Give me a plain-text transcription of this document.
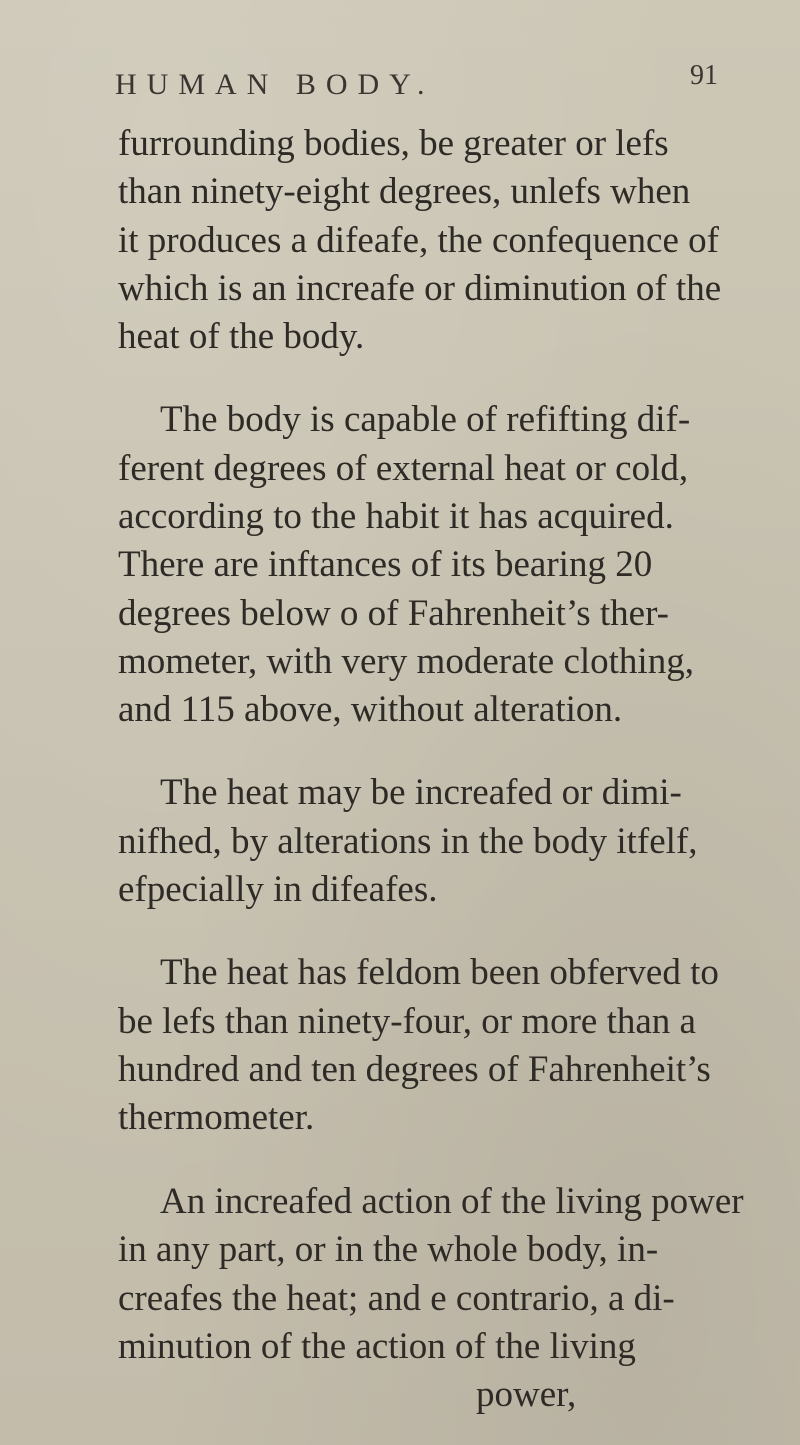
HUMAN BODY.	91
furrounding bodies, be greater or lefs
than ninety-eight degrees, unlefs when
it produces a difeafe, the confequence of
which is an increafe or diminution of the
heat of the body.
The body is capable of refifting dif-
ferent degrees of external heat or cold,
according to the habit it has acquired.
There are inftances of its bearing 20
degrees below o of Fahrenheit’s ther-
mometer, with very moderate clothing,
and 115 above, without alteration.
The heat may be increafed or dimi-
nifhed, by alterations in the body itfelf,
efpecially in difeafes.
The heat has feldom been obferved to
be lefs than ninety-four, or more than a
hundred and ten degrees of Fahrenheit’s
thermometer.
An increafed action of the living power
in any part, or in the whole body, in-
creafes the heat; and e contrario, a di-
minution of the action of the living
power,
